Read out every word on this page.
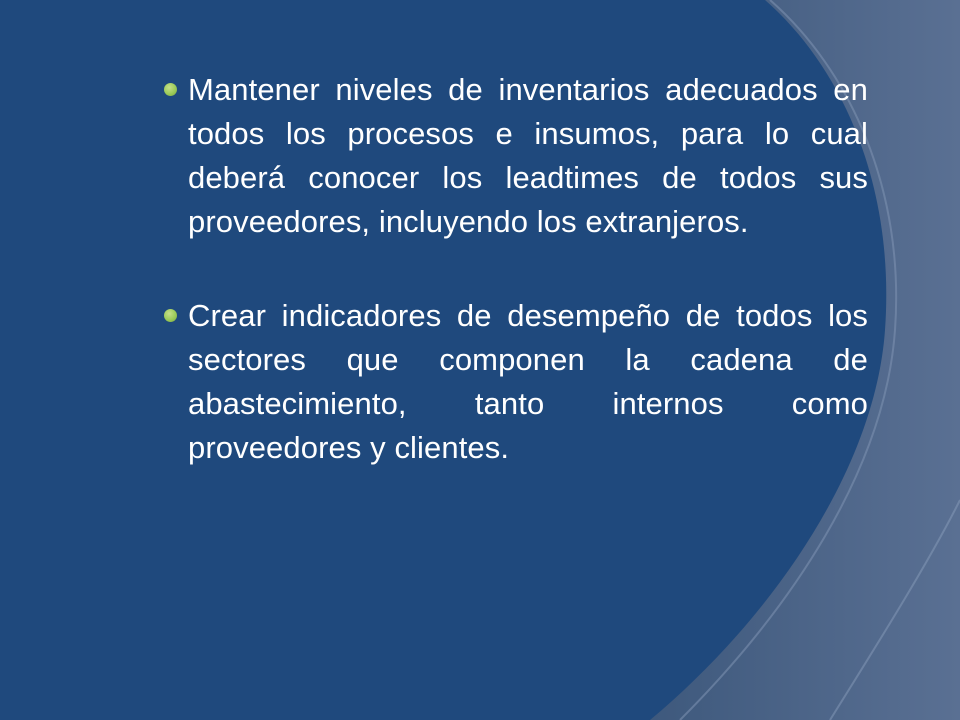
Mantener niveles de inventarios adecuados en todos los procesos e insumos, para lo cual deberá conocer los leadtimes de todos sus proveedores, incluyendo los extranjeros.
Crear indicadores de desempeño de todos los sectores que componen la cadena de abastecimiento, tanto internos como proveedores y clientes.
